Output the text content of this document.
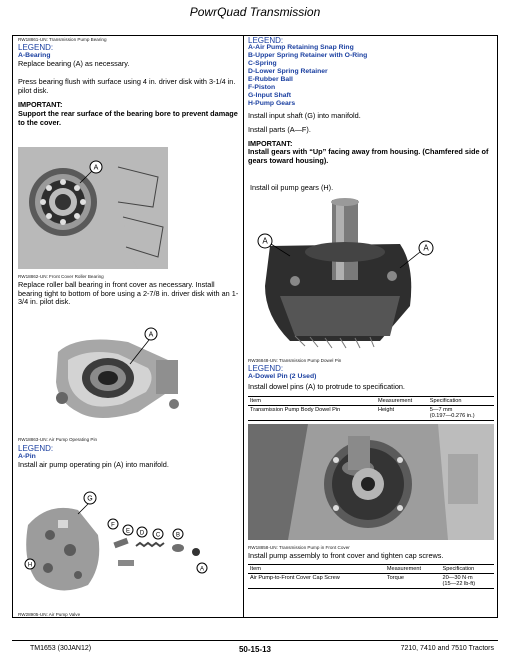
PowrQuad Transmission
RW18861-UN: Transmission Pump Bearing
LEGEND:
A-Bearing
Replace bearing (A) as necessary.
Press bearing flush with surface using 4 in. driver disk with 3-1/4 in. pilot disk.
IMPORTANT:
Support the rear surface of the bearing bore to prevent damage to the cover.
A
RW18862-UN: Front Cover Roller Bearing
Replace roller ball bearing in front cover as necessary. Install bearing tight to bottom of bore using a 2-7/8 in. driver disk with an 1-3/4 in. pilot disk.
A
RW18863-UN: Air Pump Operating Pin
LEGEND:
A-Pin
Install air pump operating pin (A) into manifold.
G
F
E D C	B
A
H
RW28905-UN: Air Pump Valve
LEGEND:
A-Air Pump Retaining Snap Ring
B-Upper Spring Retainer with O-Ring
C-Spring
D-Lower Spring Retainer
E-Rubber Ball
F-Piston
G-Input Shaft
H-Pump Gears
Install input shaft (G) into manifold.
Install parts (A—F).
IMPORTANT:
Install gears with “Up” facing away from housing. (Chamfered side of gears toward housing).
Install oil pump gears (H).
A
A
RW36848-UN: Transmission Pump Dowel Pin
LEGEND:
A-Dowel Pin (2 Used)
Install dowel pins (A) to protrude to specification.
Item	Measurement	Specification
Transmission Pump Body Dowel Pin	Height	5—7 mm
(0.197—0.276 in.)
RW18858-UN: Transmission Pump in Front Cover
Install pump assembly to front cover and tighten cap screws.
Item	Measurement	Specification
Air Pump-to-Front Cover Cap Screw	Torque	20—30 N·m
(15—22 lb-ft)
TM1653 (30JAN12)	50-15-13	7210, 7410 and 7510 Tractors
